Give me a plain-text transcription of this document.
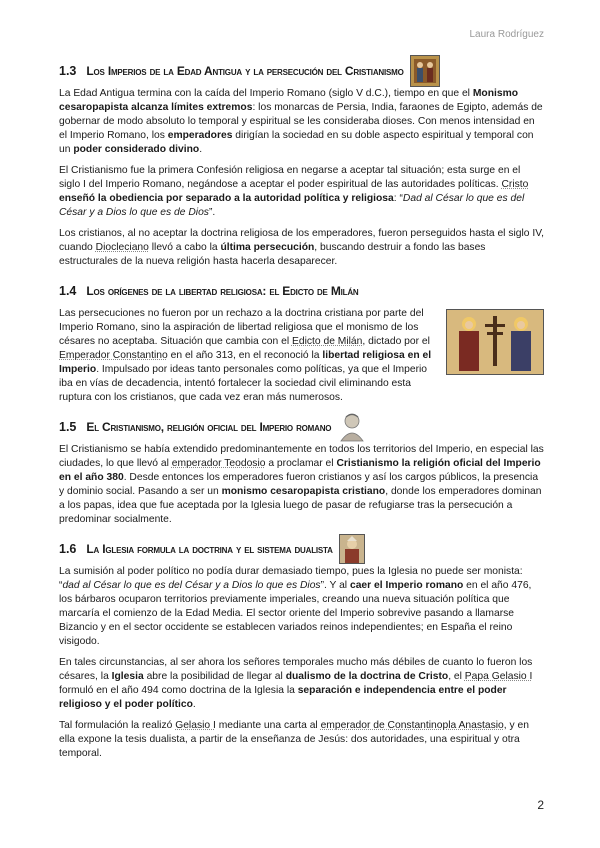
Laura Rodríguez
1.3 Los Imperios de la Edad Antigua y la persecución del Cristianismo

La Edad Antigua termina con la caída del Imperio Romano (siglo V d.C.), tiempo en que el Monismo cesaropapista alcanza límites extremos: los monarcas de Persia, India, faraones de Egipto, además de gobernar de modo absoluto lo temporal y espiritual se les consideraba dioses. Con menos intensidad en el Imperio Romano, los emperadores dirigían la sociedad en su doble aspecto espiritual y temporal con un poder considerado divino.

El Cristianismo fue la primera Confesión religiosa en negarse a aceptar tal situación; esta surge en el siglo I del Imperio Romano, negándose a aceptar el poder espiritual de las autoridades políticas. Cristo enseñó la obediencia por separado a la autoridad política y religiosa: “Dad al César lo que es del César y a Dios lo que es de Dios”.

Los cristianos, al no aceptar la doctrina religiosa de los emperadores, fueron perseguidos hasta el siglo IV, cuando Diocleciano llevó a cabo la última persecución, buscando destruir a fondo las bases estructurales de la nueva religión hasta hacerla desaparecer.

1.4 Los orígenes de la libertad religiosa: el Edicto de Milán

Las persecuciones no fueron por un rechazo a la doctrina cristiana por parte del Imperio Romano, sino la aspiración de libertad religiosa que el monismo de los césares no aceptaba. Situación que cambia con el Edicto de Milán, dictado por el Emperador Constantino en el año 313, en el reconoció la libertad religiosa en el Imperio. Impulsado por ideas tanto personales como políticas, ya que el Imperio iba en vías de decadencia, intentó fortalecer la sociedad civil eliminando esta ruptura con los cristianos, que cada vez eran más numerosos.

1.5 El Cristianismo, religión oficial del Imperio romano

El Cristianismo se había extendido predominantemente en todos los territorios del Imperio, en especial las ciudades, lo que llevó al emperador Teodosio a proclamar el Cristianismo la religión oficial del Imperio en el año 380. Desde entonces los emperadores fueron cristianos y así los cargos públicos, la presencia y dominio social. Pasando a ser un monismo cesaropapista cristiano, donde los emperadores dominan a los papas, idea que fue aceptada por la Iglesia luego de pasar de refugiarse tras la persecución a predominar socialmente.

1.6 La Iglesia formula la doctrina y el sistema dualista

La sumisión al poder político no podía durar demasiado tiempo, pues la Iglesia no puede ser monista: “dad al César lo que es del César y a Dios lo que es Dios”. Y al caer el Imperio romano en el año 476, los bárbaros ocuparon territorios previamente imperiales, creando una nueva situación política que marcaría el comienzo de la Edad Media. El sector oriente del Imperio sobrevive pasando a llamarse Bizancio y en el sector occidente se establecen variados reinos independientes; en España el reino visigodo.

En tales circunstancias, al ser ahora los señores temporales mucho más débiles de cuanto lo fueron los césares, la Iglesia abre la posibilidad de llegar al dualismo de la doctrina de Cristo, el Papa Gelasio I formuló en el año 494 como doctrina de la Iglesia la separación e independencia entre el poder religioso y el poder político.

Tal formulación la realizó Gelasio I mediante una carta al emperador de Constantinopla Anastasio, y en ella expone la tesis dualista, a partir de la enseñanza de Jesús: dos autoridades, una espiritual y otra temporal.

2
